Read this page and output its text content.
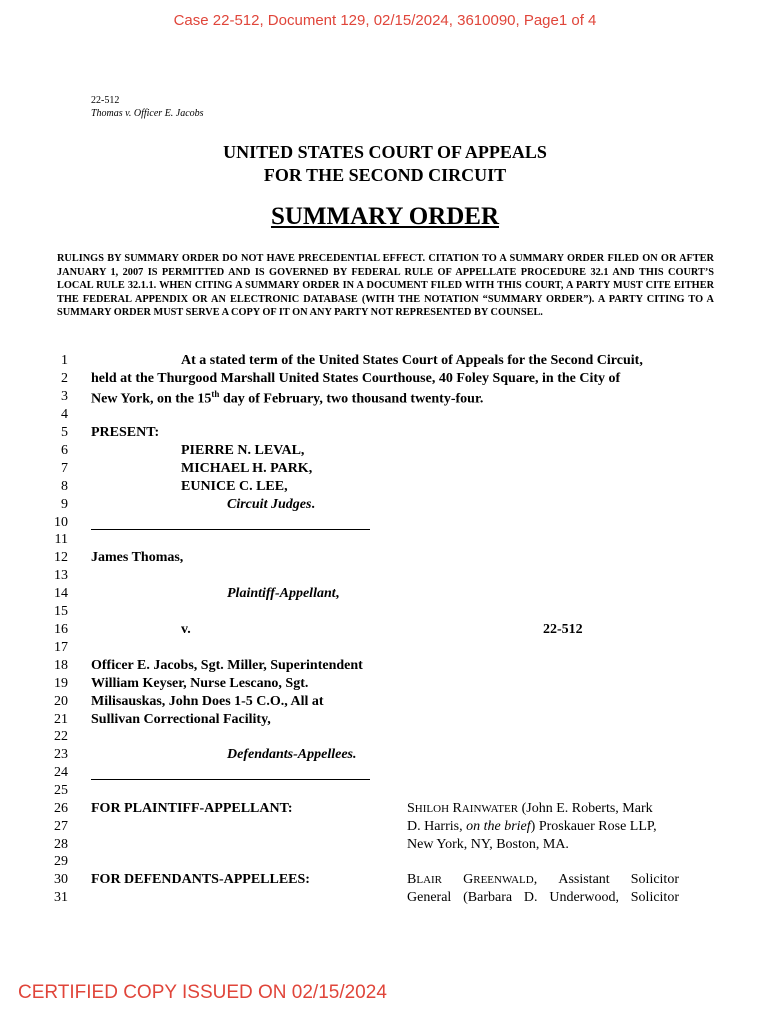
Case 22-512, Document 129, 02/15/2024, 3610090, Page1 of 4
22-512
Thomas v. Officer E. Jacobs
UNITED STATES COURT OF APPEALS
FOR THE SECOND CIRCUIT
SUMMARY ORDER
RULINGS BY SUMMARY ORDER DO NOT HAVE PRECEDENTIAL EFFECT. CITATION TO A SUMMARY ORDER FILED ON OR AFTER JANUARY 1, 2007 IS PERMITTED AND IS GOVERNED BY FEDERAL RULE OF APPELLATE PROCEDURE 32.1 AND THIS COURT’S LOCAL RULE 32.1.1. WHEN CITING A SUMMARY ORDER IN A DOCUMENT FILED WITH THIS COURT, A PARTY MUST CITE EITHER THE FEDERAL APPENDIX OR AN ELECTRONIC DATABASE (WITH THE NOTATION “SUMMARY ORDER”). A PARTY CITING TO A SUMMARY ORDER MUST SERVE A COPY OF IT ON ANY PARTY NOT REPRESENTED BY COUNSEL.
1
2
3
4
5
6
7
8
9
10
11
12
13
14
15
16
17
18
19
20
21
22
23
24
25
26
27
28
29
30
31
At a stated term of the United States Court of Appeals for the Second Circuit,
held at the Thurgood Marshall United States Courthouse, 40 Foley Square, in the City of
New York, on the 15th day of February, two thousand twenty-four.
PRESENT:
PIERRE N. LEVAL,
MICHAEL H. PARK,
EUNICE C. LEE,
Circuit Judges.
James Thomas,
Plaintiff-Appellant,
v.	22-512
Officer E. Jacobs, Sgt. Miller, Superintendent
William Keyser, Nurse Lescano, Sgt.
Milisauskas, John Does 1-5 C.O., All at
Sullivan Correctional Facility,
Defendants-Appellees.
FOR PLAINTIFF-APPELLANT:	SHILOH RAINWATER (John E. Roberts, Mark
D. Harris, on the brief) Proskauer Rose LLP,
New York, NY, Boston, MA.
FOR DEFENDANTS-APPELLEES:	BLAIR GREENWALD, Assistant Solicitor
General (Barbara D. Underwood, Solicitor
CERTIFIED COPY ISSUED ON 02/15/2024
